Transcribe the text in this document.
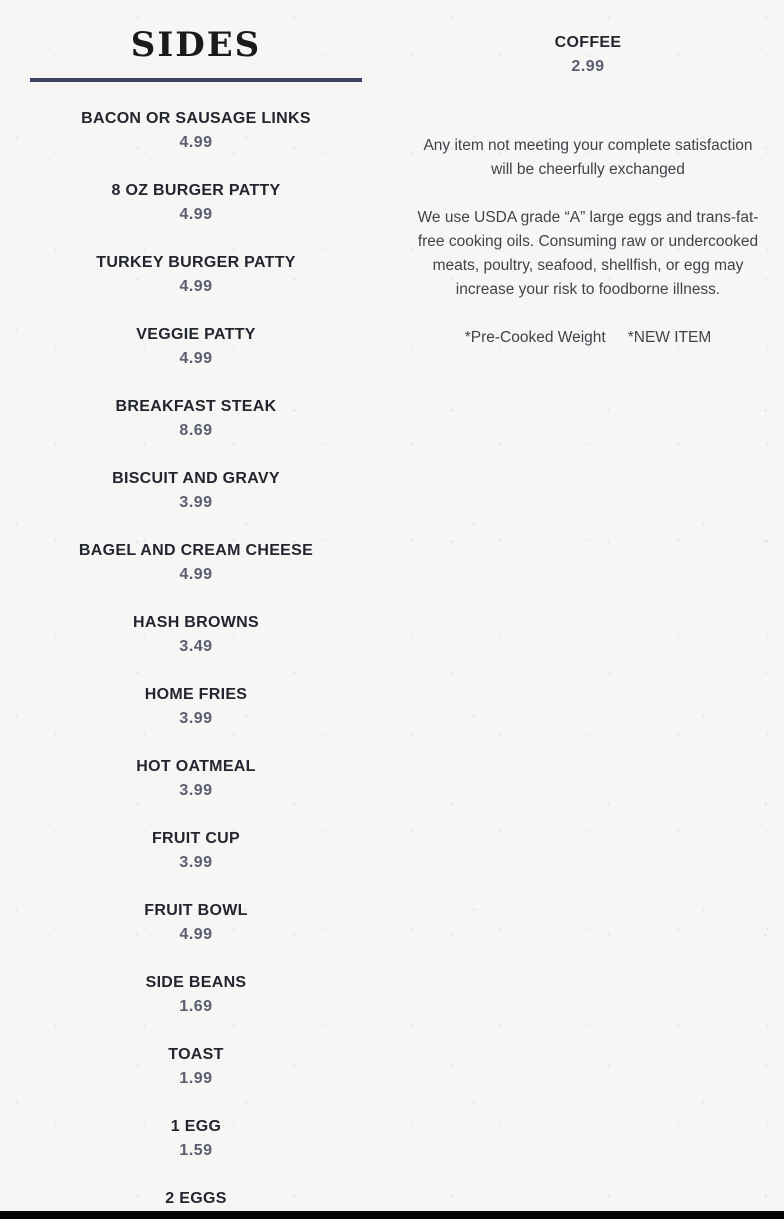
SIDES
BACON OR SAUSAGE LINKS
4.99
8 OZ BURGER PATTY
4.99
TURKEY BURGER PATTY
4.99
VEGGIE PATTY
4.99
BREAKFAST STEAK
8.69
BISCUIT AND GRAVY
3.99
BAGEL AND CREAM CHEESE
4.99
HASH BROWNS
3.49
HOME FRIES
3.99
HOT OATMEAL
3.99
FRUIT CUP
3.99
FRUIT BOWL
4.99
SIDE BEANS
1.69
TOAST
1.99
1 EGG
1.59
2 EGGS
COFFEE
2.99

Any item not meeting your complete satisfaction will be cheerfully exchanged

We use USDA grade “A” large eggs and trans-fat-free cooking oils. Consuming raw or undercooked meats, poultry, seafood, shellfish, or egg may increase your risk to foodborne illness.

*Pre-Cooked Weight *NEW ITEM
